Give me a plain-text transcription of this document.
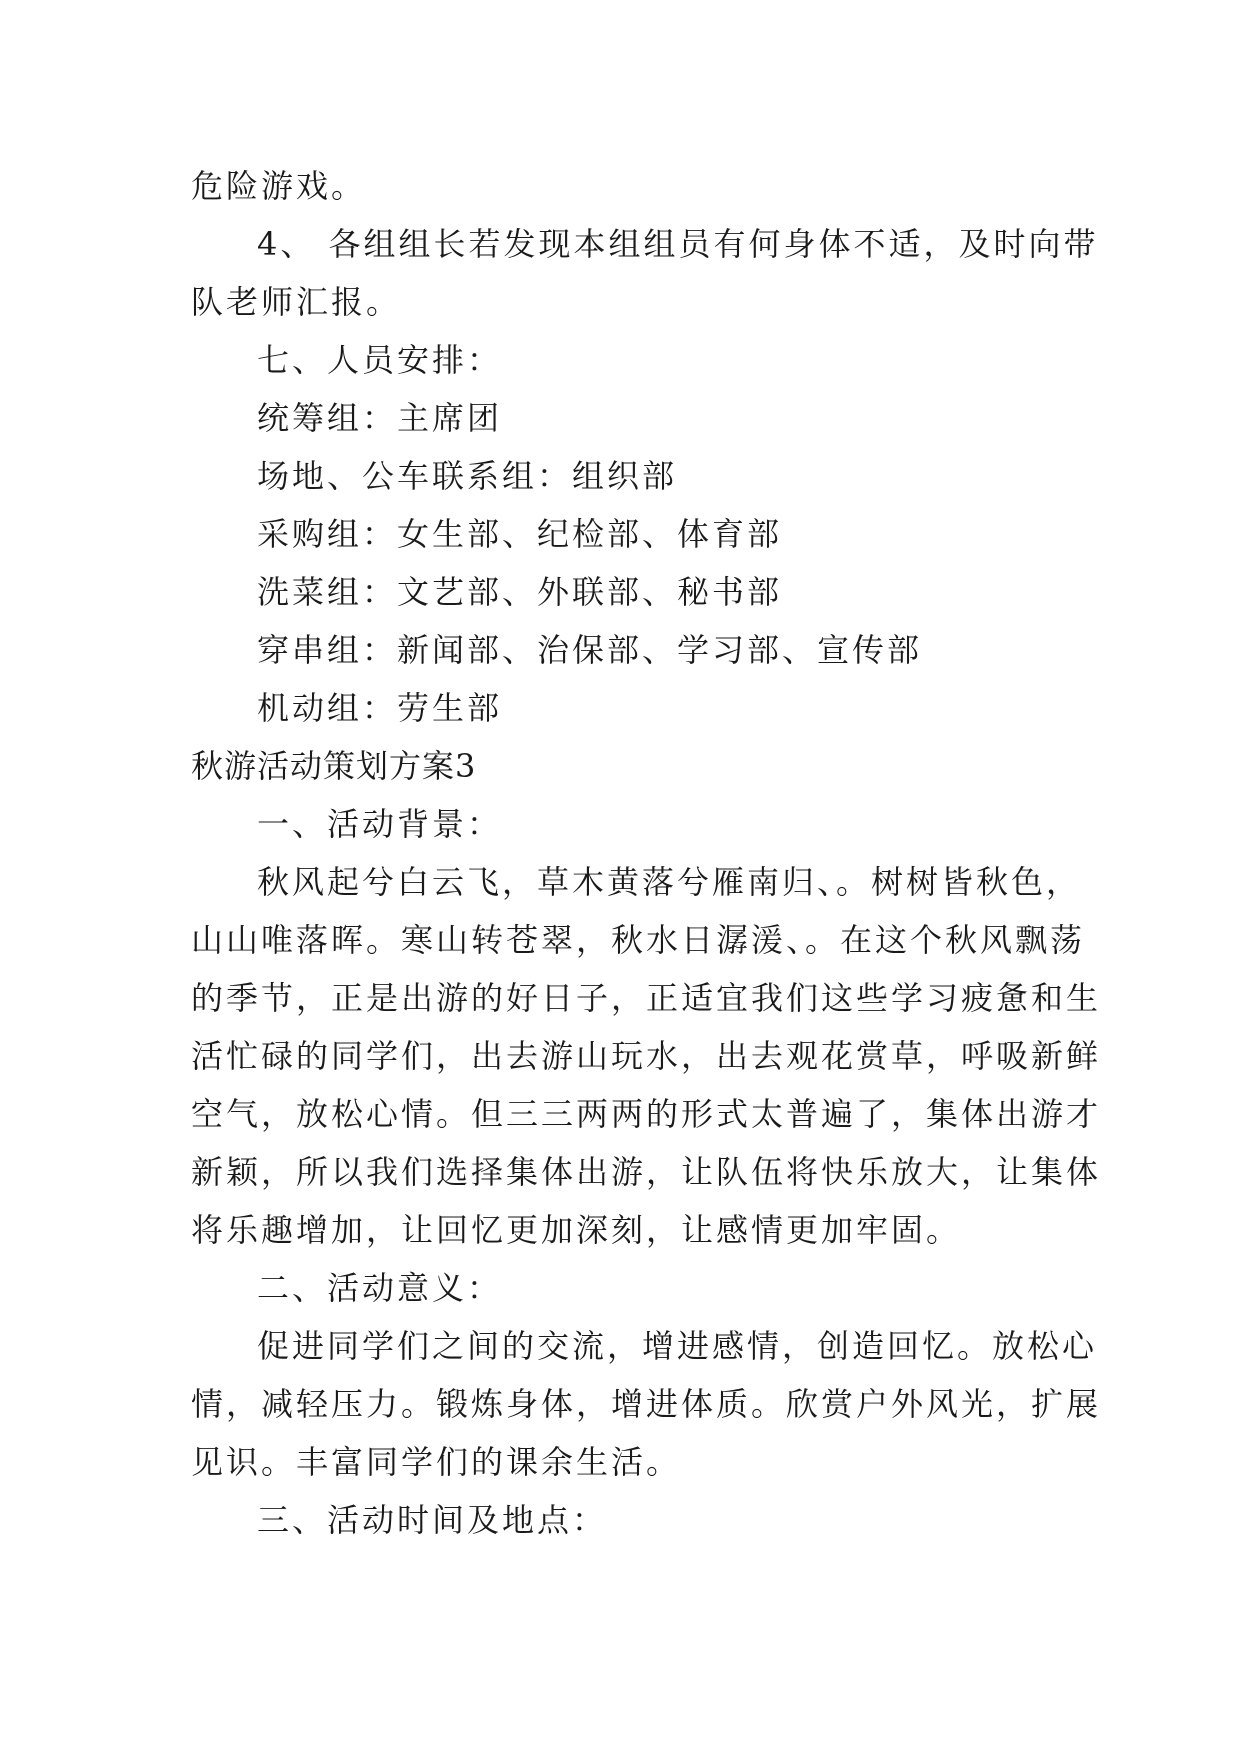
危险游戏。
4、 各组组长若发现本组组员有何身体不适，及时向带
队老师汇报。
七、人员安排：
统筹组：主席团
场地、公车联系组：组织部
采购组：女生部、纪检部、体育部
洗菜组：文艺部、外联部、秘书部
穿串组：新闻部、治保部、学习部、宣传部
机动组：劳生部
秋游活动策划方案3
一、活动背景：
秋风起兮白云飞，草木黄落兮雁南归、。树树皆秋色，
山山唯落晖。寒山转苍翠，秋水日潺湲、。在这个秋风飘荡
的季节，正是出游的好日子，正适宜我们这些学习疲惫和生
活忙碌的同学们，出去游山玩水，出去观花赏草，呼吸新鲜
空气，放松心情。但三三两两的形式太普遍了，集体出游才
新颖，所以我们选择集体出游，让队伍将快乐放大，让集体
将乐趣增加，让回忆更加深刻，让感情更加牢固。
二、活动意义：
促进同学们之间的交流，增进感情，创造回忆。放松心
情，减轻压力。锻炼身体，增进体质。欣赏户外风光，扩展
见识。丰富同学们的课余生活。
三、活动时间及地点：
